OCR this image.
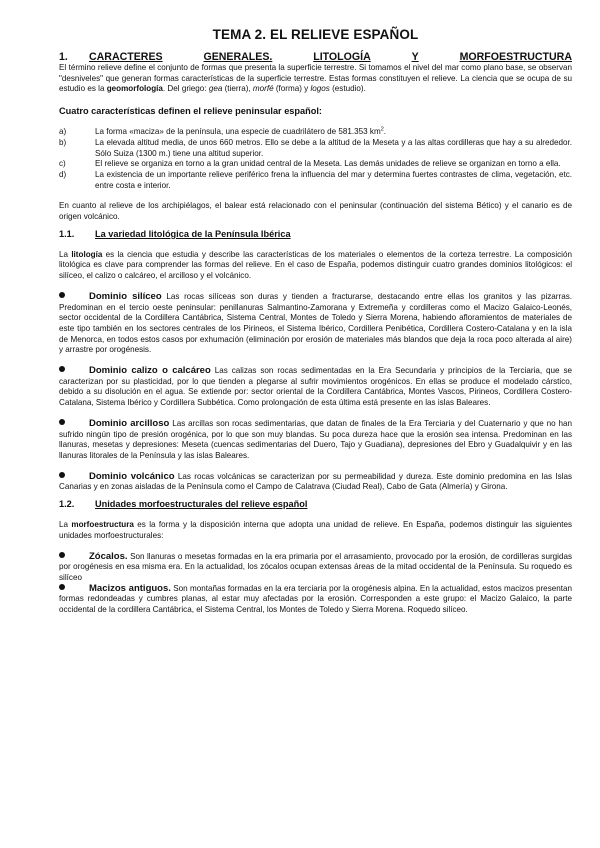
TEMA 2. EL RELIEVE ESPAÑOL
1.	CARACTERES	GENERALES.	LITOLOGÍA	Y	MORFOESTRUCTURA

El término relieve define el conjunto de formas que presenta la superficie terrestre. Si tomamos el nivel del mar como plano base, se observan "desniveles" que generan formas características de la superficie terrestre. Estas formas constituyen el relieve. La ciencia que se ocupa de su estudio es la geomorfología. Del griego: gea (tierra), morfé (forma) y logos (estudio).

Cuatro características definen el relieve peninsular español:
a)	La forma «maciza» de la península, una especie de cuadrilátero de 581.353 $km^2$.
b)	La elevada altitud media, de unos 660 metros. Ello se debe a la altitud de la Meseta y a las altas cordilleras que hay a su alrededor. Sólo Suiza (1300 m.) tiene una altitud superior.
c)	El relieve se organiza en torno a la gran unidad central de la Meseta. Las demás unidades de relieve se organizan en torno a ella.
d)	La existencia de un importante relieve periférico frena la influencia del mar y determina fuertes contrastes de clima, vegetación, etc. entre costa e interior.

En cuanto al relieve de los archipiélagos, el balear está relacionado con el peninsular (continuación del sistema Bético) y el canario es de origen volcánico.

1.1.	La variedad litológica de la Península Ibérica

La litología es la ciencia que estudia y describe las características de los materiales o elementos de la corteza terrestre. La composición litológica es clave para comprender las formas del relieve. En el caso de España, podemos distinguir cuatro grandes dominios litológicos: el silíceo, el calizo o calcáreo, el arcilloso y el volcánico.

Dominio silíceo Las rocas silíceas son duras y tienden a fracturarse, destacando entre ellas los granitos y las pizarras. Predominan en el tercio oeste peninsular: penillanuras Salmantino-Zamorana y Extremeña y cordilleras como el Macizo Galaico-Leonés, sector occidental de la Cordillera Cantábrica, Sistema Central, Montes de Toledo y Sierra Morena, habiendo afloramientos de materiales de este tipo también en los sectores centrales de los Pirineos, el Sistema Ibérico, Cordillera Penibética, Cordillera Costero-Catalana y en la isla de Menorca, en todos estos casos por exhumación (eliminación por erosión de materiales más blandos que deja la roca poco alterada al aire) y arrastre por orogénesis.

Dominio calizo o calcáreo Las calizas son rocas sedimentadas en la Era Secundaria y principios de la Terciaria, que se caracterizan por su plasticidad, por lo que tienden a plegarse al sufrir movimientos orogénicos. En ellas se produce el modelado cárstico, debido a su disolución en el agua. Se extiende por: sector oriental de la Cordillera Cantábrica, Montes Vascos, Pirineos, Cordillera Costero-Catalana, Sistema Ibérico y Cordillera Subbética. Como prolongación de esta última está presente en las islas Baleares.

Dominio arcilloso Las arcillas son rocas sedimentarias, que datan de finales de la Era Terciaria y del Cuaternario y que no han sufrido ningún tipo de presión orogénica, por lo que son muy blandas. Su poca dureza hace que la erosión sea intensa. Predominan en las llanuras, mesetas y depresiones: Meseta (cuencas sedimentarias del Duero, Tajo y Guadiana), depresiones del Ebro y Guadalquivir y en las llanuras litorales de la Península y las islas Baleares.

Dominio volcánico Las rocas volcánicas se caracterizan por su permeabilidad y dureza. Este dominio predomina en las Islas Canarias y en zonas aisladas de la Península como el Campo de Calatrava (Ciudad Real), Cabo de Gata (Almería) y Girona.

1.2.	Unidades morfoestructurales del relieve español

La morfoestructura es la forma y la disposición interna que adopta una unidad de relieve. En España, podemos distinguir las siguientes unidades morfoestructurales:

Zócalos. Son llanuras o mesetas formadas en la era primaria por el arrasamiento, provocado por la erosión, de cordilleras surgidas por orogénesis en esa misma era. En la actualidad, los zócalos ocupan extensas áreas de la mitad occidental de la Península. Su roquedo es silíceo

Macizos antiguos. Son montañas formadas en la era terciaria por la orogénesis alpina. En la actualidad, estos macizos presentan formas redondeadas y cumbres planas, al estar muy afectadas por la erosión. Corresponden a este grupo: el Macizo Galaico, la parte occidental de la cordillera Cantábrica, el Sistema Central, los Montes de Toledo y Sierra Morena. Roquedo silíceo.
